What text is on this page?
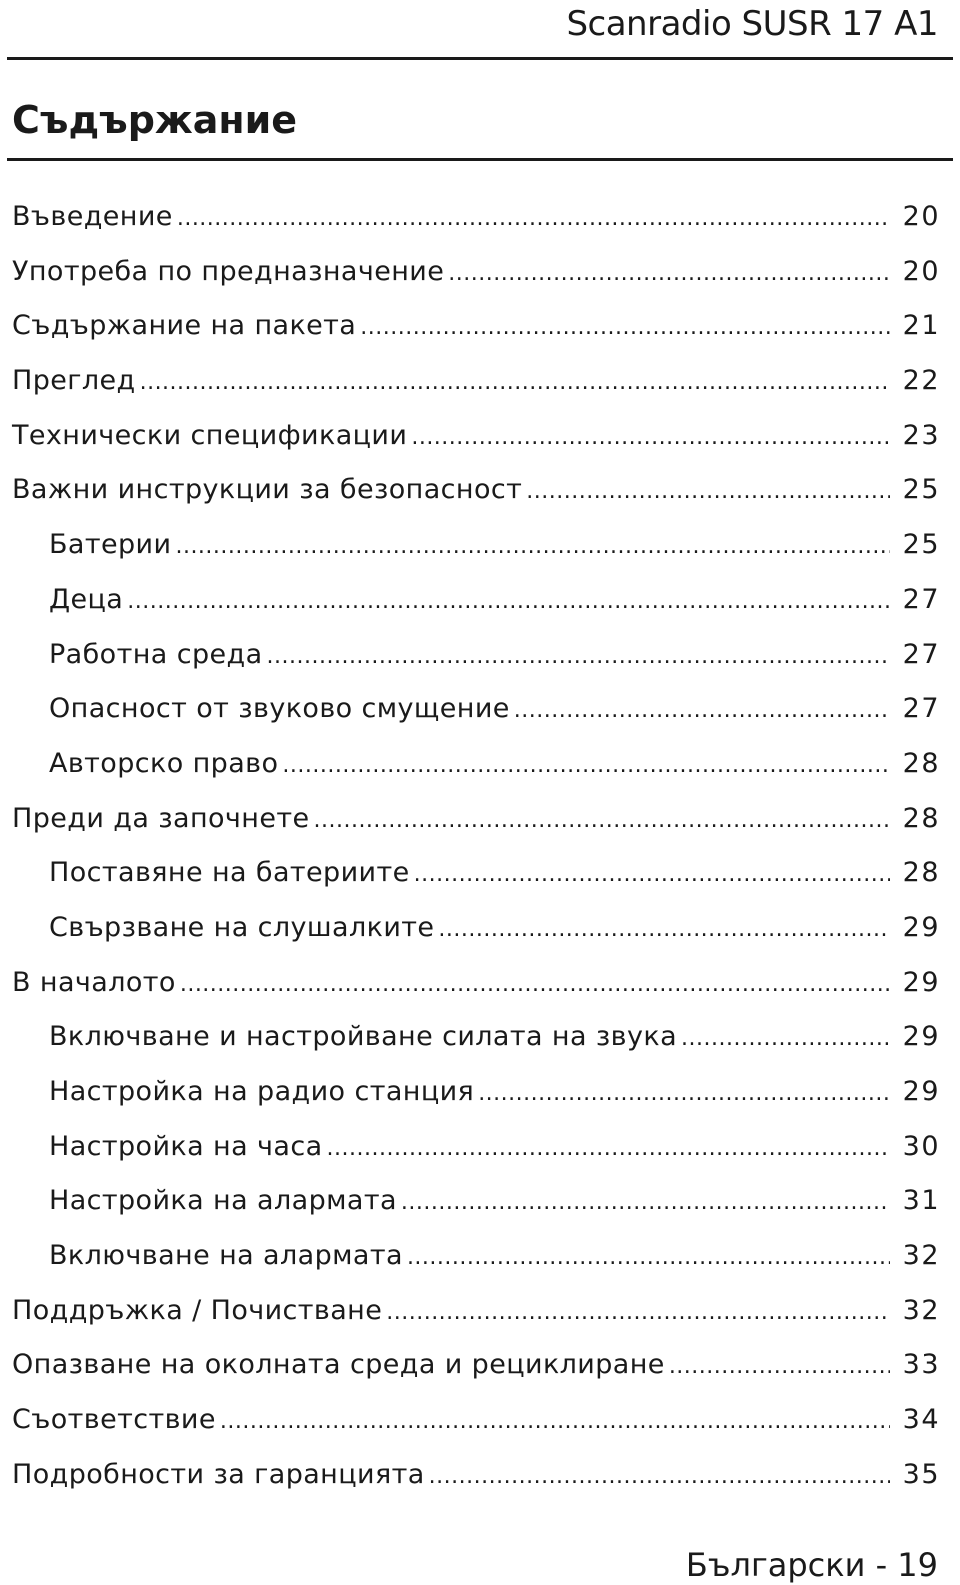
Scanradio SUSR 17 A1
Съдържание
Въведение .....	20
Употреба по предназначение .....	20
Съдържание на пакета .....	21
Преглед .....	22
Технически спецификации .....	23
Важни инструкции за безопасност .....	25
Батерии .....	25
Деца .....	27
Работна среда .....	27
Опасност от звуково смущение .....	27
Авторско право .....	28
Преди да започнете .....	28
Поставяне на батериите .....	28
Свързване на слушалките .....	29
В началото .....	29
Включване и настройване силата на звука .....	29
Настройка на радио станция .....	29
Настройка на часа .....	30
Настройка на алармата .....	31
Включване на алармата .....	32
Поддръжка / Почистване .....	32
Опазване на околната среда и рециклиране .....	33
Съответствие .....	34
Подробности за гаранцията .....	35
Български - 19
